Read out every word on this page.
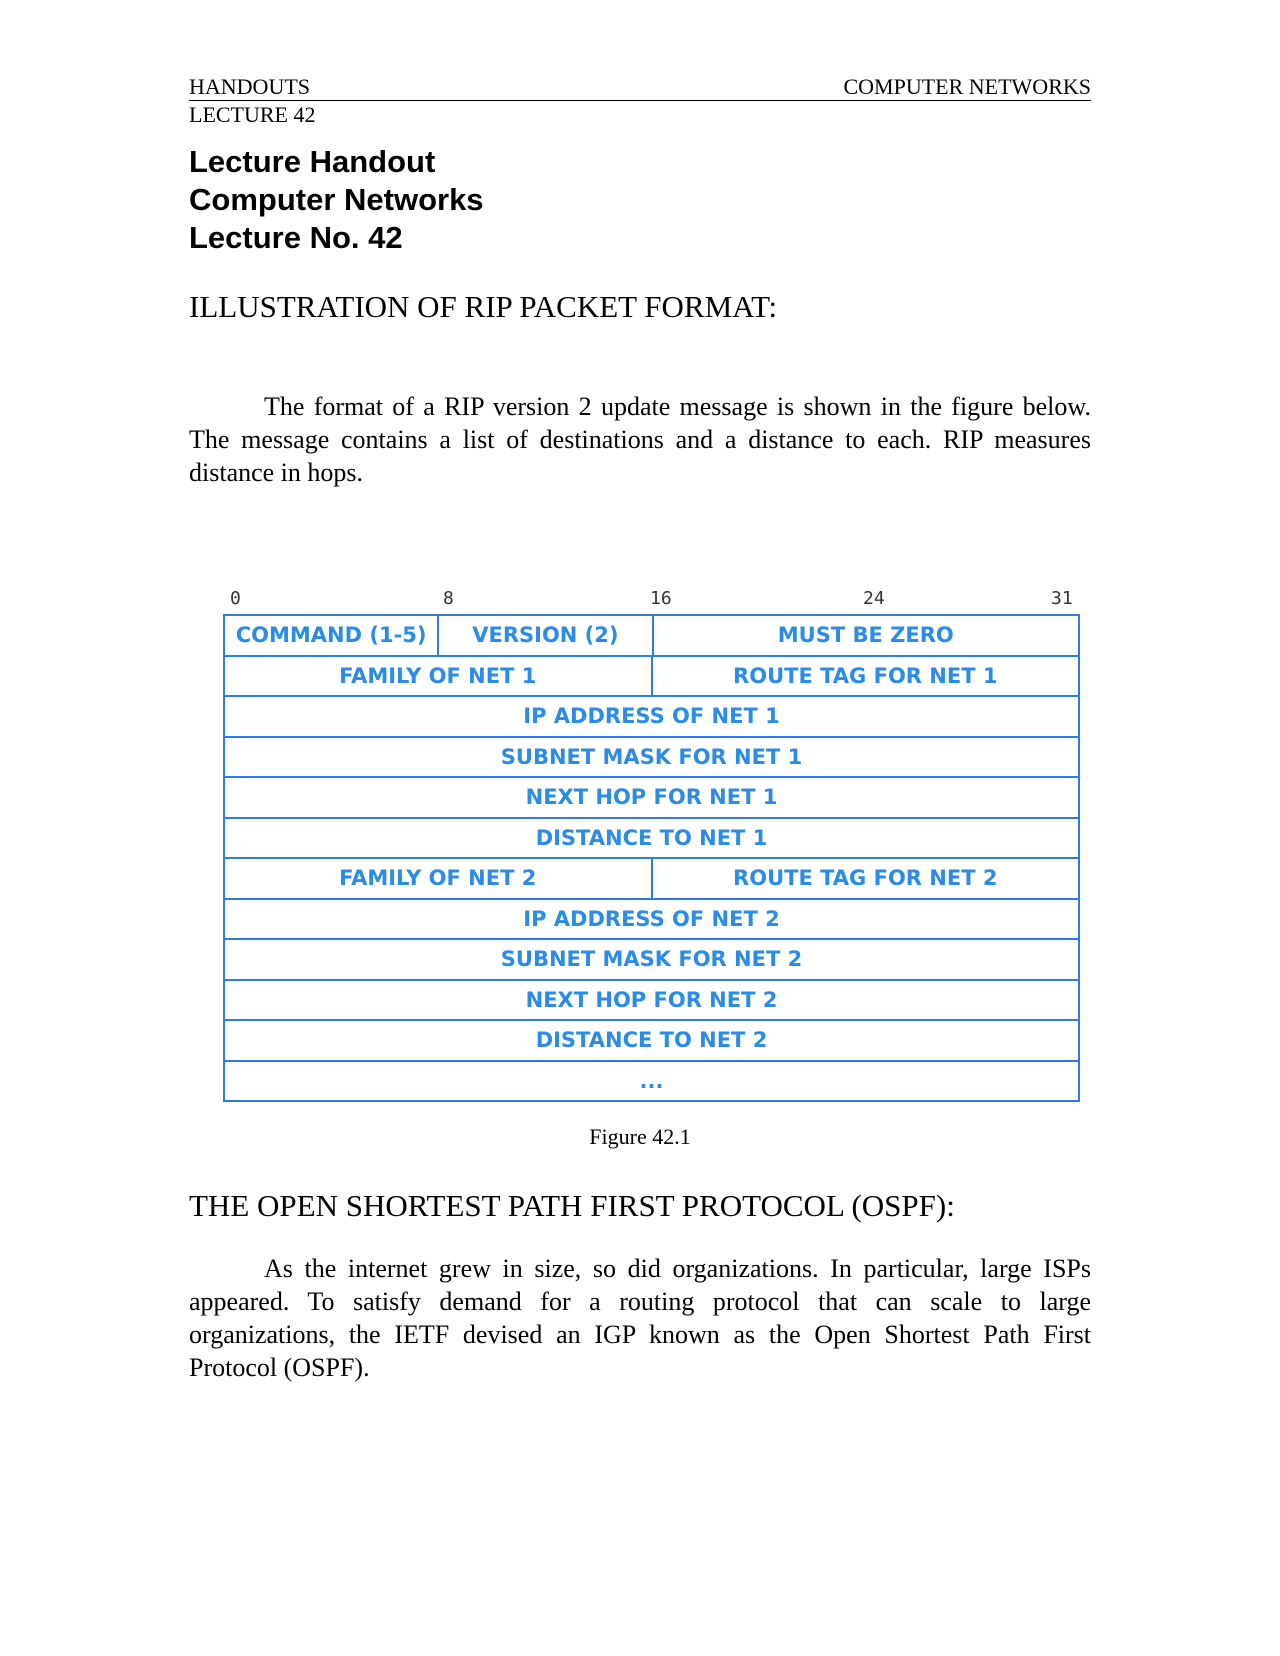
HANDOUTS	COMPUTER NETWORKS
LECTURE 42
Lecture Handout
Computer Networks
Lecture No. 42
ILLUSTRATION OF RIP PACKET FORMAT:
The format of a RIP version 2 update message is shown in the figure below. The message contains a list of destinations and a distance to each. RIP measures distance in hops.
0	8	16	24	31
COMMAND (1-5)	VERSION (2)	MUST BE ZERO
FAMILY OF NET 1	ROUTE TAG FOR NET 1
IP ADDRESS OF NET 1
SUBNET MASK FOR NET 1
NEXT HOP FOR NET 1
DISTANCE TO NET 1
FAMILY OF NET 2	ROUTE TAG FOR NET 2
IP ADDRESS OF NET 2
SUBNET MASK FOR NET 2
NEXT HOP FOR NET 2
DISTANCE TO NET 2
...
Figure 42.1
THE OPEN SHORTEST PATH FIRST PROTOCOL (OSPF):
As the internet grew in size, so did organizations. In particular, large ISPs appeared. To satisfy demand for a routing protocol that can scale to large organizations, the IETF devised an IGP known as the Open Shortest Path First Protocol (OSPF).
